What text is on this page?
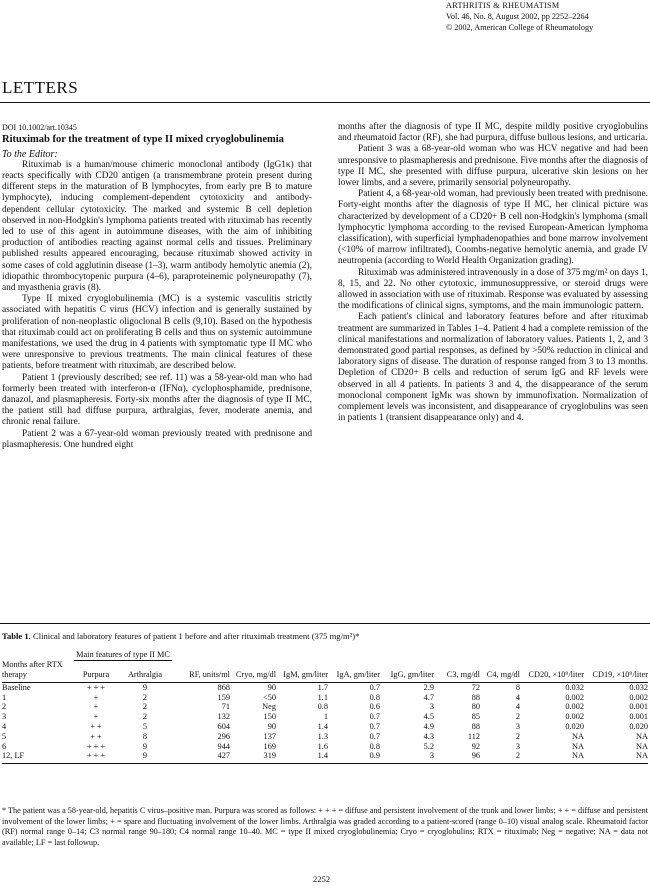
ARTHRITIS & RHEUMATISM
Vol. 46, No. 8, August 2002, pp 2252–2264
© 2002, American College of Rheumatology
LETTERS
DOI 10.1002/art.10345
Rituximab for the treatment of type II mixed cryoglobulinemia
To the Editor:

Rituximab is a human/mouse chimeric monoclonal antibody (IgG1κ) that reacts specifically with CD20 antigen (a transmembrane protein present during different steps in the maturation of B lymphocytes, from early pre B to mature lymphocyte), inducing complement-dependent cytotoxicity and antibody-dependent cellular cytotoxicity. The marked and systemic B cell depletion observed in non-Hodgkin's lymphoma patients treated with rituximab has recently led to use of this agent in autoimmune diseases, with the aim of inhibiting production of antibodies reacting against normal cells and tissues. Preliminary published results appeared encouraging, because rituximab showed activity in some cases of cold agglutinin disease (1–3), warm antibody hemolytic anemia (2), idiopathic thrombocytopenic purpura (4–6), paraproteinemic polyneuropathy (7), and myasthenia gravis (8).

Type II mixed cryoglobulinemia (MC) is a systemic vasculitis strictly associated with hepatitis C virus (HCV) infection and is generally sustained by proliferation of non-neoplastic oligoclonal B cells (9,10). Based on the hypothesis that rituximab could act on proliferating B cells and thus on systemic autoimmune manifestations, we used the drug in 4 patients with symptomatic type II MC who were unresponsive to previous treatments. The main clinical features of these patients, before treatment with rituximab, are described below.

Patient 1 (previously described; see ref. 11) was a 58-year-old man who had formerly been treated with interferon-α (IFNα), cyclophosphamide, prednisone, danazol, and plasmapheresis. Forty-six months after the diagnosis of type II MC, the patient still had diffuse purpura, arthralgias, fever, moderate anemia, and chronic renal failure.

Patient 2 was a 67-year-old woman previously treated with prednisone and plasmapheresis. One hundred eight

months after the diagnosis of type II MC, despite mildly positive cryoglobulins and rheumatoid factor (RF), she had purpura, diffuse bullous lesions, and urticaria.

Patient 3 was a 68-year-old woman who was HCV negative and had been unresponsive to plasmapheresis and prednisone. Five months after the diagnosis of type II MC, she presented with diffuse purpura, ulcerative skin lesions on her lower limbs, and a severe, primarily sensorial polyneuropathy.

Patient 4, a 68-year-old woman, had previously been treated with prednisone. Forty-eight months after the diagnosis of type II MC, her clinical picture was characterized by development of a CD20+ B cell non-Hodgkin's lymphoma (small lymphocytic lymphoma according to the revised European-American lymphoma classification), with superficial lymphadenopathies and bone marrow involvement (<10% of marrow infiltrated), Coombs-negative hemolytic anemia, and grade IV neutropenia (according to World Health Organization grading).

Rituximab was administered intravenously in a dose of 375 mg/m² on days 1, 8, 15, and 22. No other cytotoxic, immunosuppressive, or steroid drugs were allowed in association with use of rituximab. Response was evaluated by assessing the modifications of clinical signs, symptoms, and the main immunologic pattern.

Each patient's clinical and laboratory features before and after rituximab treatment are summarized in Tables 1–4. Patient 4 had a complete remission of the clinical manifestations and normalization of laboratory values. Patients 1, 2, and 3 demonstrated good partial responses, as defined by >50% reduction in clinical and laboratory signs of disease. The duration of response ranged from 3 to 13 months. Depletion of CD20+ B cells and reduction of serum IgG and RF levels were observed in all 4 patients. In patients 3 and 4, the disappearance of the serum monoclonal component IgMκ was shown by immunofixation. Normalization of complement levels was inconsistent, and disappearance of cryoglobulins was seen in patients 1 (transient disappearance only) and 4.

Table 1. Clinical and laboratory features of patient 1 before and after rituximab treatment (375 mg/m²)*
	Main features of type II MC										
Months after RTX therapy	Purpura	Arthralgia	RF, units/ml	Cryo, mg/dl	IgM, gm/liter	IgA, gm/liter	IgG, gm/liter	C3, mg/dl	C4, mg/dl	CD20, ×10⁹/liter	CD19, ×10⁹/liter
Baseline	+ + +	9	868	90	1.7	0.7	2.9	72	8	0.032	0.032
1	+	2	159	<50	1.1	0.8	4.7	88	4	0.002	0.002
2	+	2	71	Neg	0.8	0.6	3	80	4	0.002	0.001
3	+	2	132	150	1	0.7	4.5	85	2	0.002	0.001
4	+ +	5	604	90	1.4	0.7	4.9	88	3	0.020	0.020
5	+ +	8	296	137	1.3	0.7	4.3	112	2	NA	NA
6	+ + +	9	944	169	1.6	0.8	5.2	92	3	NA	NA
12, LF	+ + +	9	427	319	1.4	0.9	3	96	2	NA	NA
* The patient was a 58-year-old, hepatitis C virus–positive man. Purpura was scored as follows: + + + = diffuse and persistent involvement of the trunk and lower limbs; + + = diffuse and persistent involvement of the lower limbs; + = spare and fluctuating involvement of the lower limbs. Arthralgia was graded according to a patient-scored (range 0–10) visual analog scale. Rheumatoid factor (RF) normal range 0–14; C3 normal range 90–180; C4 normal range 10–40. MC = type II mixed cryoglobulinemia; Cryo = cryoglobulins; RTX = rituximab; Neg = negative; NA = data not available; LF = last followup.
2252
